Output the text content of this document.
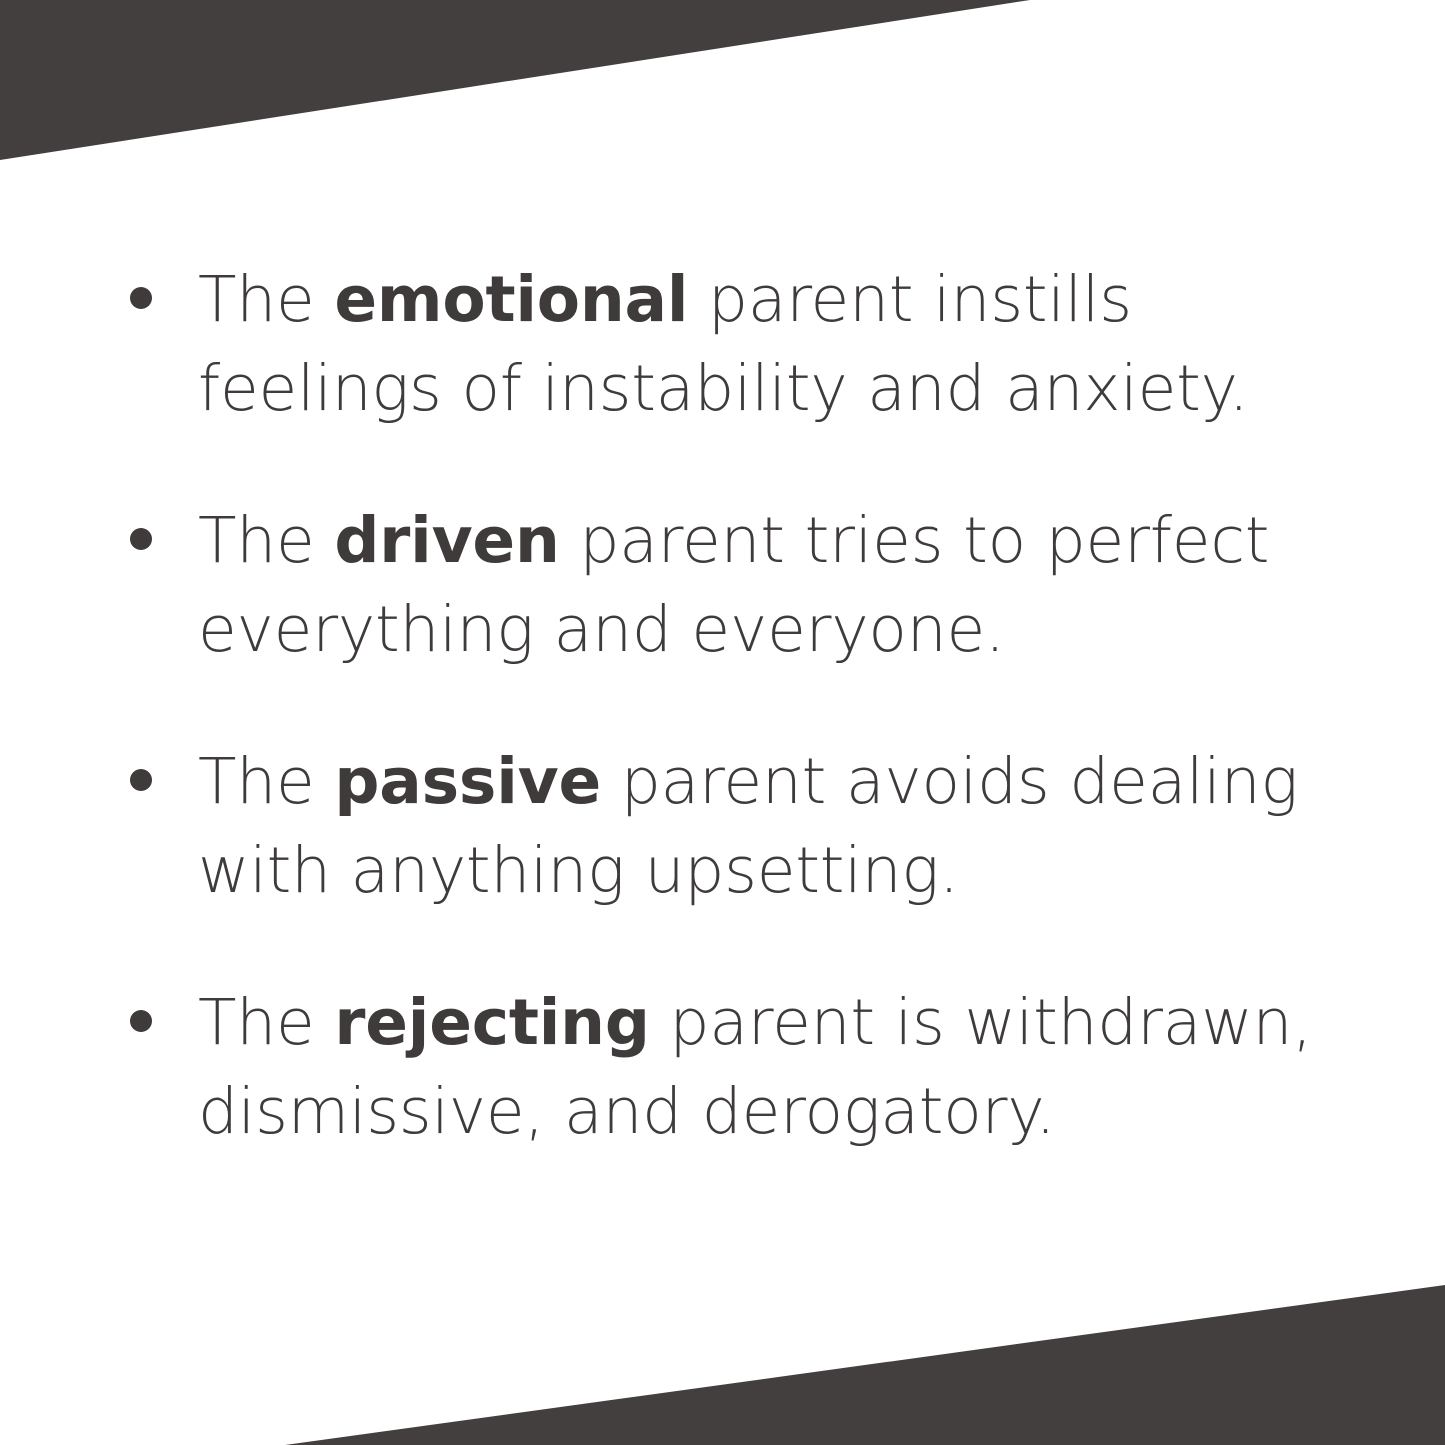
The emotional parent instills feelings of instability and anxiety.
The driven parent tries to perfect everything and everyone.
The passive parent avoids dealing with anything upsetting.
The rejecting parent is withdrawn, dismissive, and derogatory.
